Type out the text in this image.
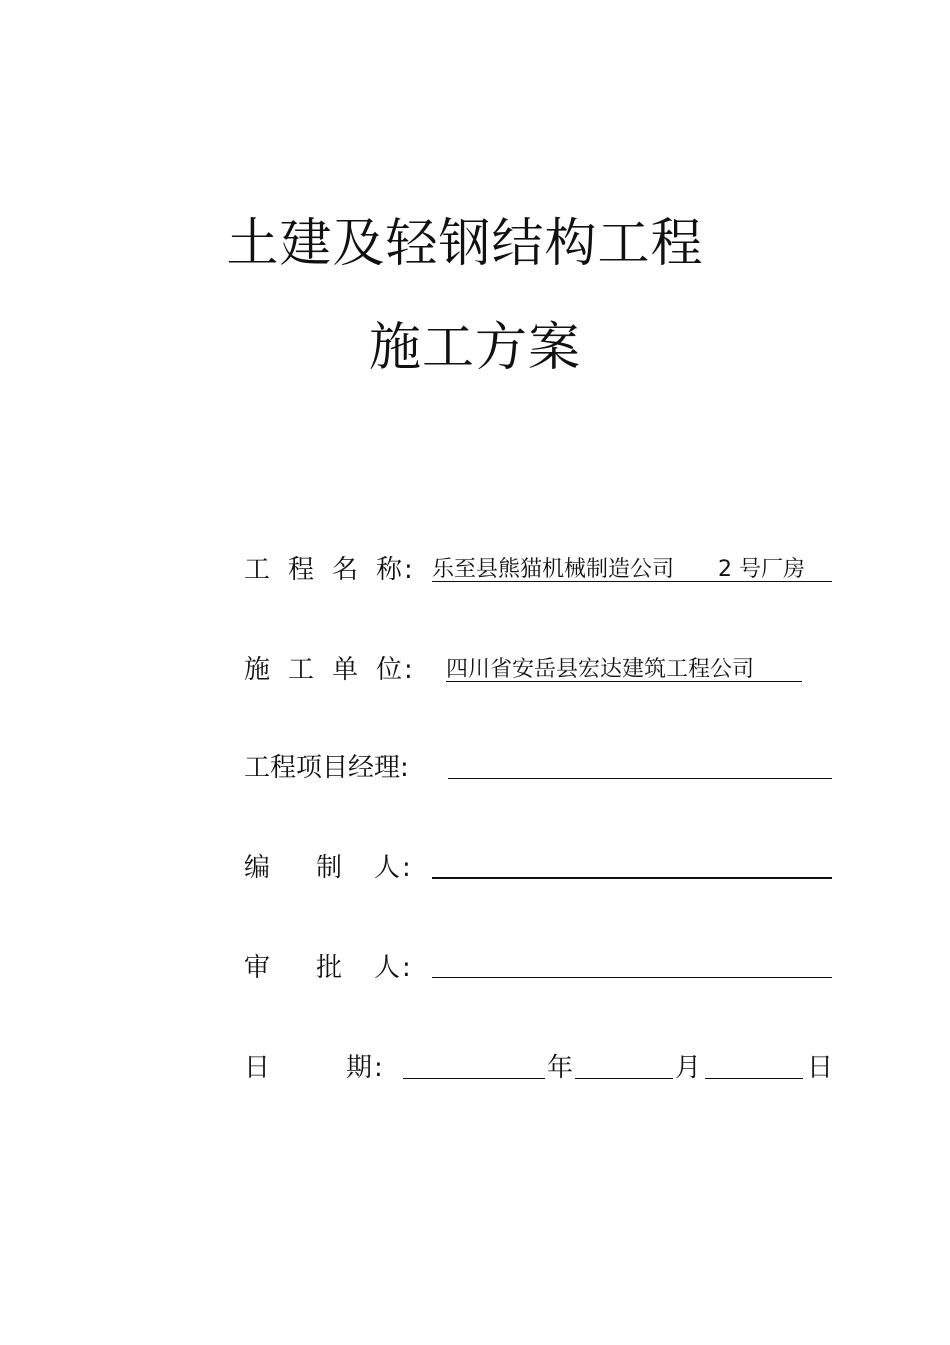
土建及轻钢结构工程
施工方案
工 程 名 称 : 乐至县熊猫机械制造公司 2 号厂房
施 工 单 位 : 四川省安岳县宏达建筑工程公司
工程项目经理:
编 制 人 :
审 批 人 :
日	期 :	年	月	日
